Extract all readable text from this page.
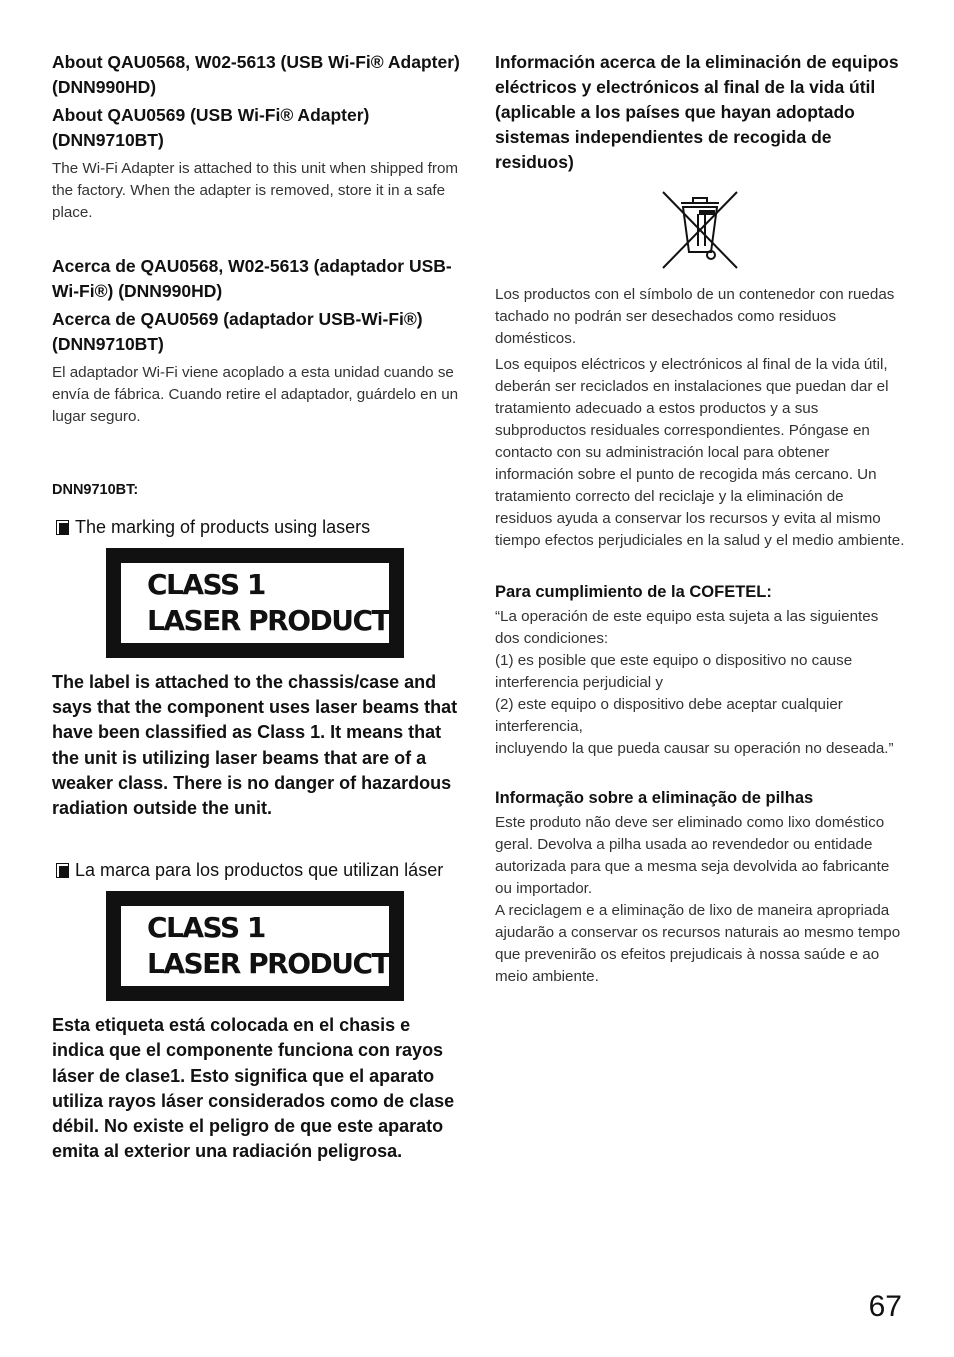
About QAU0568, W02-5613 (USB Wi-Fi® Adapter) (DNN990HD)

About QAU0569 (USB Wi-Fi® Adapter) (DNN9710BT)

The Wi-Fi Adapter is attached to this unit when shipped from the factory. When the adapter is removed, store it in a safe place.

Acerca de QAU0568, W02-5613 (adaptador USB-Wi-Fi®) (DNN990HD)

Acerca de QAU0569 (adaptador USB-Wi-Fi®) (DNN9710BT)

El adaptador Wi-Fi viene acoplado a esta unidad cuando se envía de fábrica. Cuando retire el adaptador, guárdelo en un lugar seguro.

DNN9710BT:

The marking of products using lasers
CLASS 1
LASER PRODUCT

The label is attached to the chassis/case and says that the component uses laser beams that have been classified as Class 1. It means that the unit is utilizing laser beams that are of a weaker class. There is no danger of hazardous radiation outside the unit.

La marca para los productos que utilizan láser
CLASS 1
LASER PRODUCT

Esta etiqueta está colocada en el chasis e indica que el componente funciona con rayos láser de clase1. Esto significa que el aparato utiliza rayos láser considerados como de clase débil. No existe el peligro de que este aparato emita al exterior una radiación peligrosa.

Información acerca de la eliminación de equipos eléctricos y electrónicos al final de la vida útil (aplicable a los países que hayan adoptado sistemas independientes de recogida de residuos)

Los productos con el símbolo de un contenedor con ruedas tachado no podrán ser desechados como residuos domésticos.

Los equipos eléctricos y electrónicos al final de la vida útil, deberán ser reciclados en instalaciones que puedan dar el tratamiento adecuado a estos productos y a sus subproductos residuales correspondientes. Póngase en contacto con su administración local para obtener información sobre el punto de recogida más cercano. Un tratamiento correcto del reciclaje y la eliminación de residuos ayuda a conservar los recursos y evita al mismo tiempo efectos perjudiciales en la salud y el medio ambiente.

Para cumplimiento de la COFETEL:

“La operación de este equipo esta sujeta a las siguientes dos condiciones:

(1) es posible que este equipo o dispositivo no cause interferencia perjudicial y

(2) este equipo o dispositivo debe aceptar cualquier interferencia,

incluyendo la que pueda causar su operación no deseada.”

Informação sobre a eliminação de pilhas

Este produto não deve ser eliminado como lixo doméstico geral. Devolva a pilha usada ao revendedor ou entidade autorizada para que a mesma seja devolvida ao fabricante ou importador.

A reciclagem e a eliminação de lixo de maneira apropriada ajudarão a conservar os recursos naturais ao mesmo tempo que prevenirão os efeitos prejudicais à nossa saúde e ao meio ambiente.

67
